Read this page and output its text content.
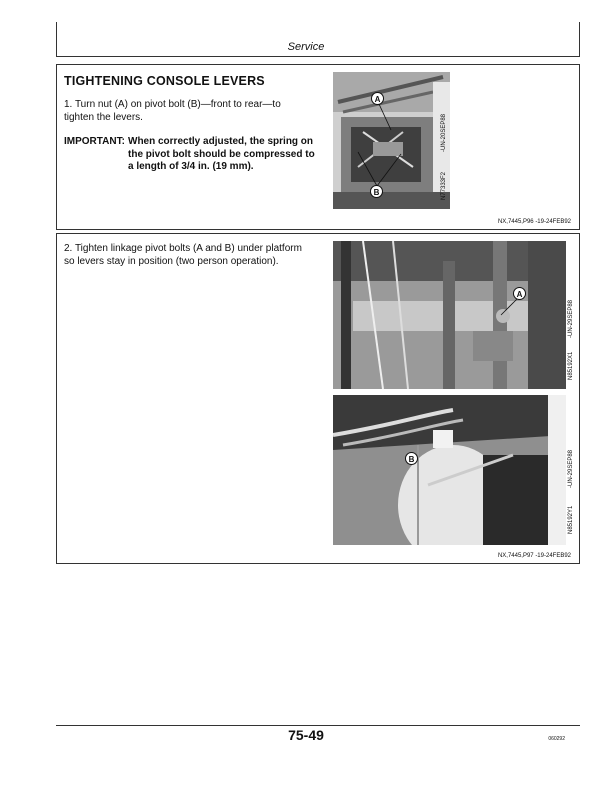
Service
TIGHTENING CONSOLE LEVERS
1. Turn nut (A) on pivot bolt (B)—front to rear—to tighten the levers.
IMPORTANT: When correctly adjusted, the spring on the pivot bolt should be compressed to a length of 3/4 in. (19 mm).
A
B
-UN-20SEP88
N77333F2
NX,7445,P96 -19-24FEB92
2. Tighten linkage pivot bolts (A and B) under platform so levers stay in position (two person operation).
A
-UN-29SEP88
N85192X1
B	-UN-29SEP88
N85192Y1
NX,7445,P97 -19-24FEB92
75-49	060292
